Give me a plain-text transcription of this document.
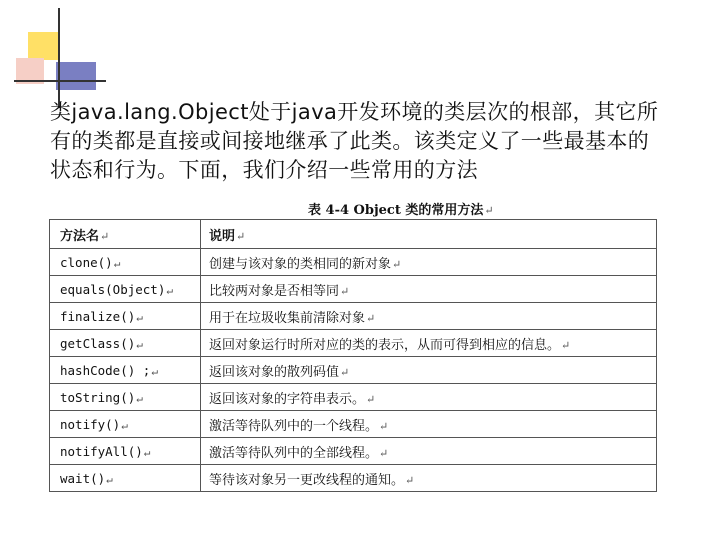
类java.lang.Object处于java开发环境的类层次的根部，其它所有的类都是直接或间接地继承了此类。该类定义了一些最基本的状态和行为。下面，我们介绍一些常用的方法
表 4-4 Object 类的常用方法↵
方法名↵	说明↵
clone()↵	创建与该对象的类相同的新对象↵
equals(Object)↵	比较两对象是否相等同↵
finalize()↵	用于在垃圾收集前清除对象↵
getClass()↵	返回对象运行时所对应的类的表示，从而可得到相应的信息。↵
hashCode() ;↵	返回该对象的散列码值↵
toString()↵	返回该对象的字符串表示。↵
notify()↵	激活等待队列中的一个线程。↵
notifyAll()↵	激活等待队列中的全部线程。↵
wait()↵	等待该对象另一更改线程的通知。↵
